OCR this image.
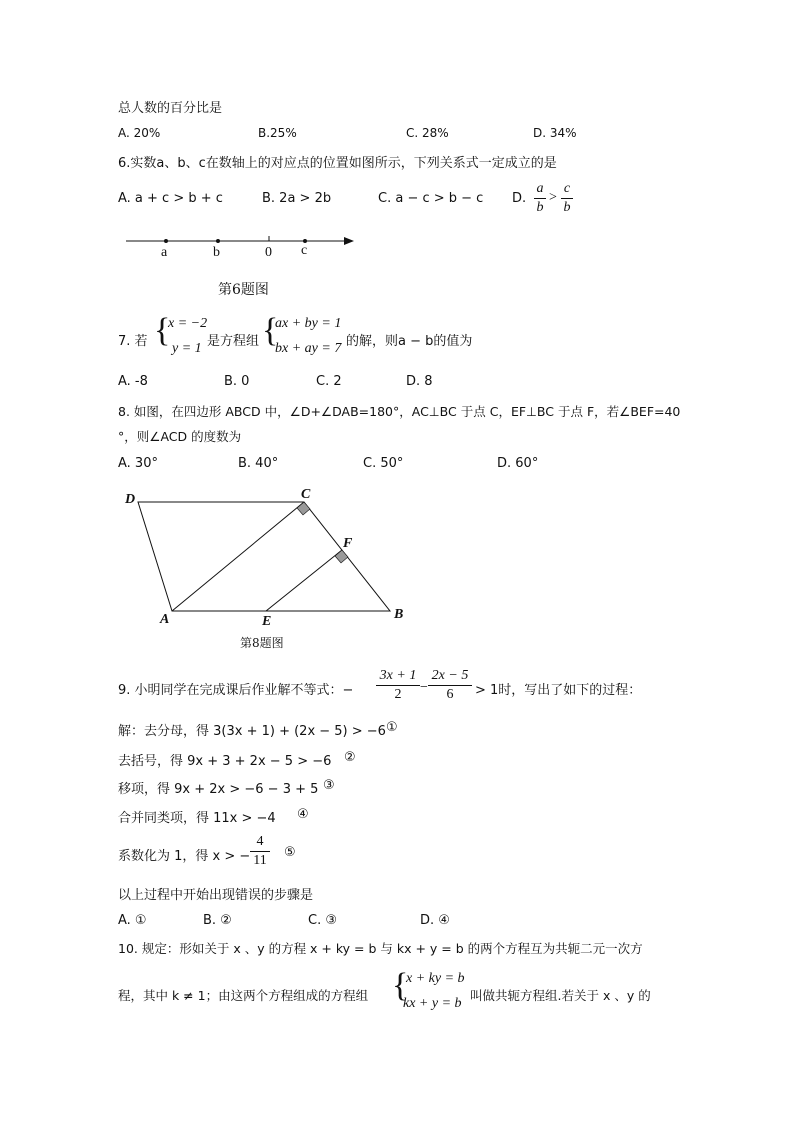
总人数的百分比是
A. 20%	B.25%	C. 28%	D. 34%
6.实数a、b、c在数轴上的对应点的位置如图所示，下列关系式一定成立的是
A. a + c > b + c	B. 2a > 2b	C. a − c > b − c D.
a
b
>
c
b
a	b	0 c
第6题图
7. 若 {
x = −2
y = 1 是方程组 {
ax + by = 1
bx + ay = 7 的解，则a − b的值为
A. -8	B. 0	C. 2	D. 8
8. 如图，在四边形 ABCD 中，∠D+∠DAB=180°，AC⊥BC 于点 C，EF⊥BC 于点 F，若∠BEF=40
°，则∠ACD 的度数为
A. 30°	B. 40°	C. 50°	D. 60°
D	C
F
A	E	B
第8题图
9. 小明同学在完成课后作业解不等式：−
3x + 1
2	−
2x − 5
6	> 1时，写出了如下的过程：
解：去分母，得 3(3x + 1) + (2x − 5) > −6 ①
去括号，得 9x + 3 + 2x − 5 > −6 ②
移项，得 9x + 2x > −6 − 3 + 5 ③
合并同类项，得 11x > −4 ④
系数化为 1，得 x > −
4
11
⑤
以上过程中开始出现错误的步骤是
A. ①	B. ②	C. ③	D. ④
10. 规定：形如关于 x 、y 的方程 x + ky = b 与 kx + y = b 的两个方程互为共轭二元一次方
程，其中 k ≠ 1；由这两个方程组成的方程组 {
x + ky = b
kx + y = b
叫做共轭方程组.若关于 x 、y 的
